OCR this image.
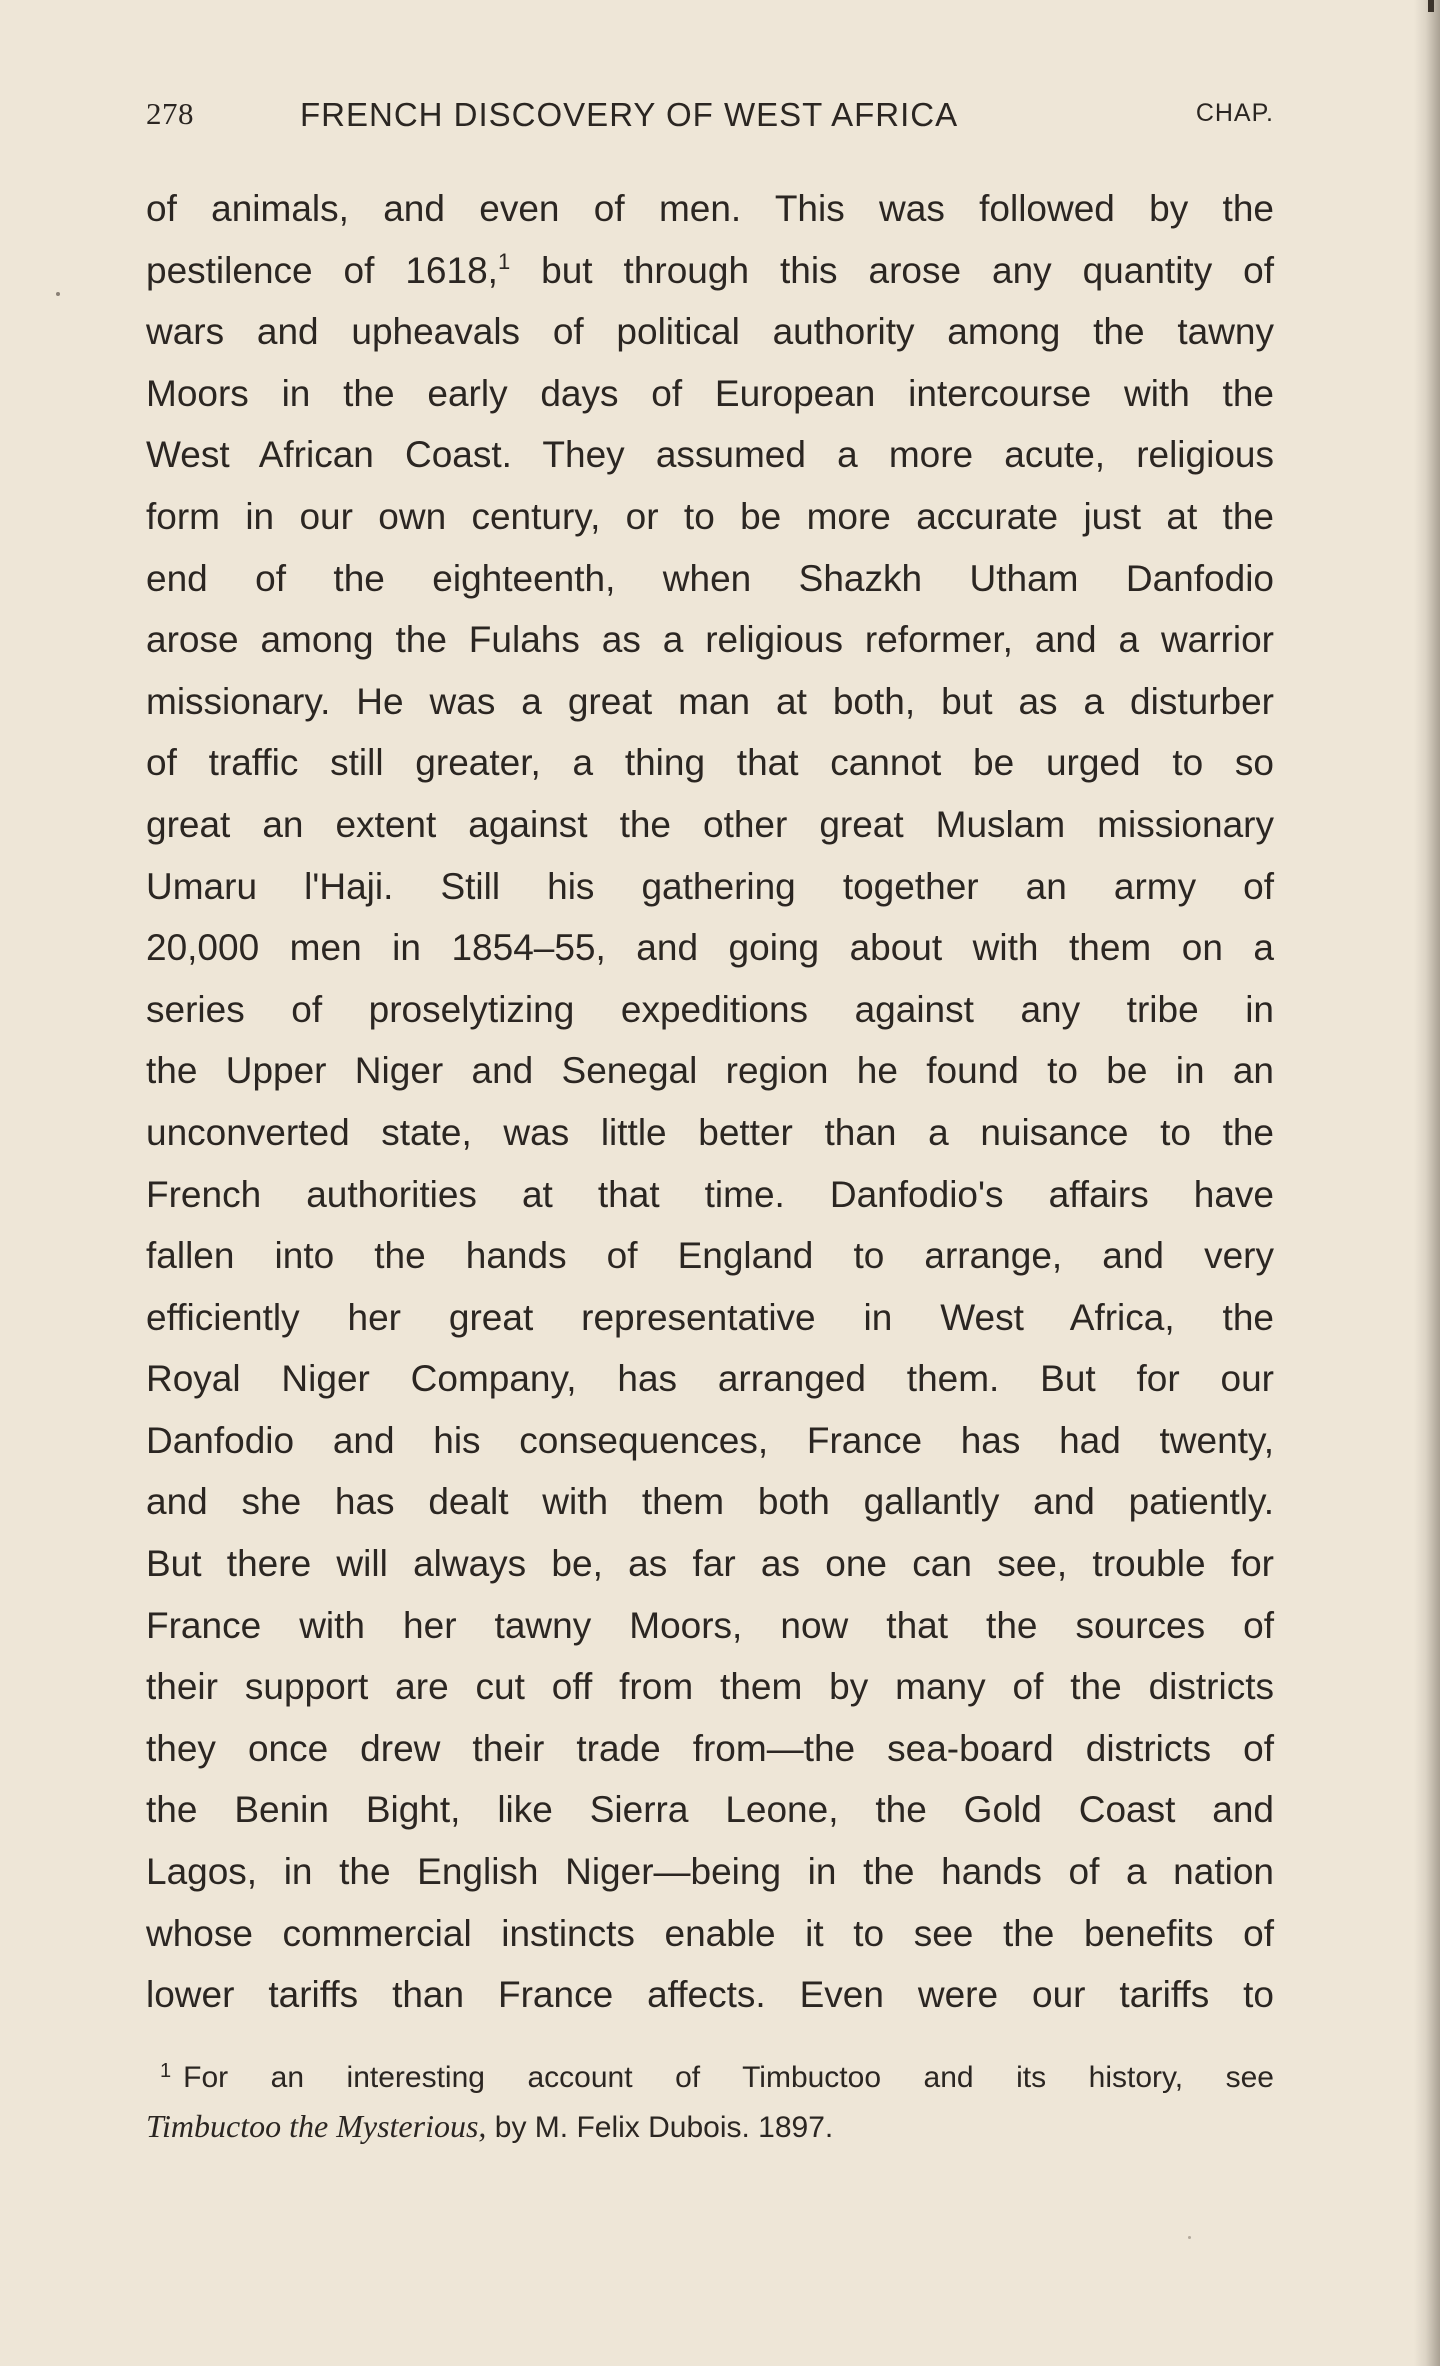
278	FRENCH DISCOVERY OF WEST AFRICA	CHAP.
of animals, and even of men. This was followed by the
pestilence of 1618,$^1$ but through this arose any quantity of
wars and upheavals of political authority among the tawny
Moors in the early days of European intercourse with the
West African Coast. They assumed a more acute, religious
form in our own century, or to be more accurate just at the
end of the eighteenth, when Shazkh Utham Danfodio
arose among the Fulahs as a religious reformer, and a warrior
missionary. He was a great man at both, but as a disturber
of traffic still greater, a thing that cannot be urged to so
great an extent against the other great Muslam missionary
Umaru l'Haji. Still his gathering together an army of
20,000 men in 1854–55, and going about with them on a
series of proselytizing expeditions against any tribe in
the Upper Niger and Senegal region he found to be in an
unconverted state, was little better than a nuisance to the
French authorities at that time. Danfodio's affairs have
fallen into the hands of England to arrange, and very
efficiently her great representative in West Africa, the
Royal Niger Company, has arranged them. But for our
Danfodio and his consequences, France has had twenty,
and she has dealt with them both gallantly and patiently.
But there will always be, as far as one can see, trouble for
France with her tawny Moors, now that the sources of
their support are cut off from them by many of the districts
they once drew their trade from—the sea-board districts of
the Benin Bight, like Sierra Leone, the Gold Coast and
Lagos, in the English Niger—being in the hands of a nation
whose commercial instincts enable it to see the benefits of
lower tariffs than France affects. Even were our tariffs to
$^1$ For an interesting account of Timbuctoo and its history, see
Timbuctoo the Mysterious, by M. Felix Dubois. 1897.
